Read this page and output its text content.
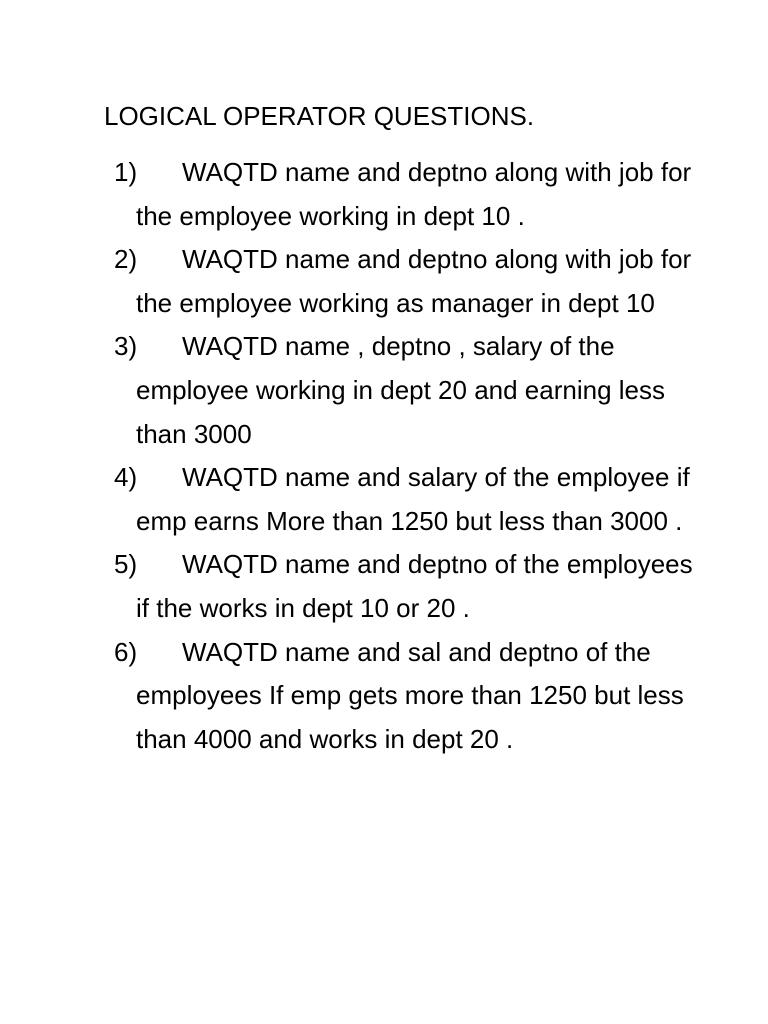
LOGICAL OPERATOR QUESTIONS.
1)	WAQTD name and deptno along with job for the employee working in dept 10 .
2)	WAQTD name and deptno along with job for the employee working as manager in dept 10
3)	WAQTD name , deptno , salary of the employee working in dept 20 and earning less than 3000
4)	WAQTD name and salary of the employee if emp earns More than 1250 but less than 3000 .
5)	WAQTD name and deptno of the employees if the works in dept 10 or 20 .
6)	WAQTD name and sal and deptno of the employees If emp gets more than 1250 but less than 4000 and works in dept 20 .
